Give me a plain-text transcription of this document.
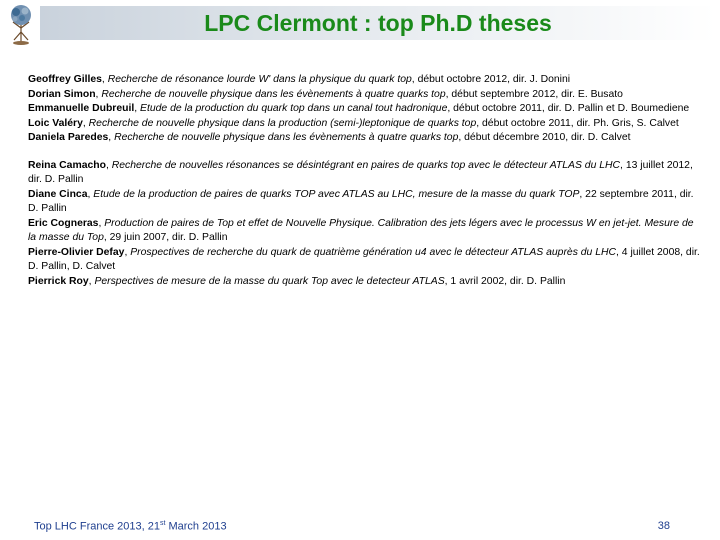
LPC Clermont : top Ph.D theses
Geoffrey Gilles, Recherche de résonance lourde W' dans la physique du quark top, début octobre 2012, dir. J. Donini
Dorian Simon, Recherche de nouvelle physique dans les évènements à quatre quarks top, début septembre 2012, dir. E. Busato
Emmanuelle Dubreuil, Etude de la production du quark top dans un canal tout hadronique, début octobre 2011, dir. D. Pallin et D. Boumediene
Loic Valéry, Recherche de nouvelle physique dans la production (semi-)leptonique de quarks top, début octobre 2011, dir. Ph. Gris, S. Calvet
Daniela Paredes, Recherche de nouvelle physique dans les évènements à quatre quarks top, début décembre 2010, dir. D. Calvet
Reina Camacho, Recherche de nouvelles résonances se désintégrant en paires de quarks top avec le détecteur ATLAS du LHC, 13 juillet 2012, dir. D. Pallin
Diane Cinca, Etude de la production de paires de quarks TOP avec ATLAS au LHC, mesure de la masse du quark TOP, 22 septembre 2011, dir. D. Pallin
Eric Cogneras, Production de paires de Top et effet de Nouvelle Physique. Calibration des jets légers avec le processus W en jet-jet. Mesure de la masse du Top, 29 juin 2007, dir. D. Pallin
Pierre-Olivier Defay, Prospectives de recherche du quark de quatrième génération u4 avec le détecteur ATLAS auprès du LHC, 4 juillet 2008, dir. D. Pallin, D. Calvet
Pierrick Roy, Perspectives de mesure de la masse du quark Top avec le detecteur ATLAS, 1 avril 2002, dir. D. Pallin
Top LHC France 2013, 21st March 2013	38
